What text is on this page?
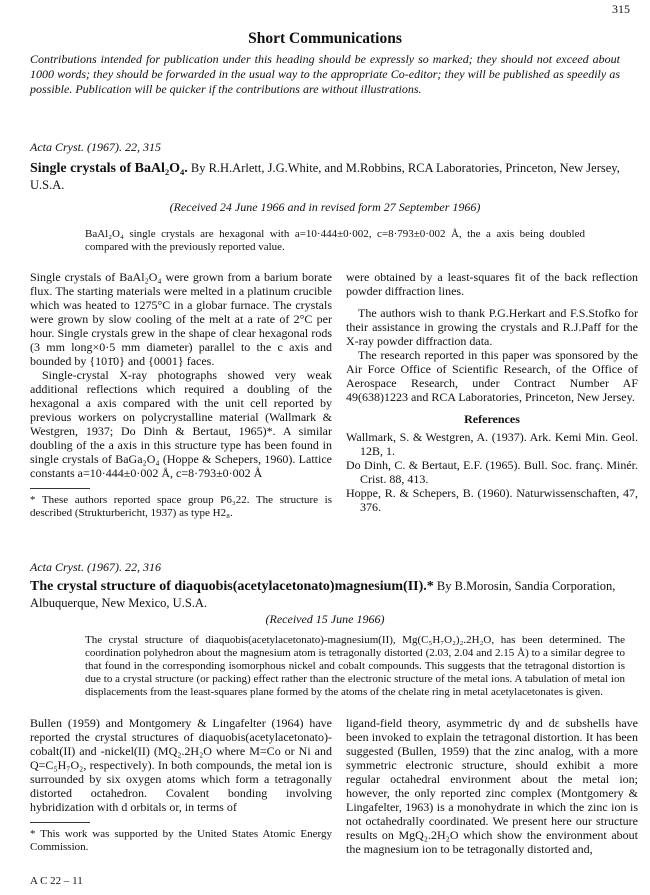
315
Short Communications
Contributions intended for publication under this heading should be expressly so marked; they should not exceed about 1000 words; they should be forwarded in the usual way to the appropriate Co-editor; they will be published as speedily as possible. Publication will be quicker if the contributions are without illustrations.
Acta Cryst. (1967). 22, 315
Single crystals of BaAl₂O₄. By R.H.Arlett, J.G.White, and M.Robbins, RCA Laboratories, Princeton, New Jersey, U.S.A.
(Received 24 June 1966 and in revised form 27 September 1966)
BaAl₂O₄ single crystals are hexagonal with a=10·444±0·002, c=8·793±0·002 Å, the a axis being doubled compared with the previously reported value.

Single crystals of BaAl₂O₄ were grown from a barium borate flux. The starting materials were melted in a platinum crucible which was heated to 1275°C in a globar furnace. The crystals were grown by slow cooling of the melt at a rate of 2°C per hour. Single crystals grew in the shape of clear hexagonal rods (3 mm long×0·5 mm diameter) parallel to the c axis and bounded by {101̄0} and {0001} faces.

Single-crystal X-ray photographs showed very weak additional reflections which required a doubling of the hexagonal a axis compared with the unit cell reported by previous workers on polycrystalline material (Wallmark & Westgren, 1937; Do Dinh & Bertaut, 1965)*. A similar doubling of the a axis in this structure type has been found in single crystals of BaGa₂O₄ (Hoppe & Schepers, 1960). Lattice constants a=10·444±0·002 Å, c=8·793±0·002 Å

* These authors reported space group P6₃22. The structure is described (Strukturbericht, 1937) as type H2₈.

were obtained by a least-squares fit of the back reflection powder diffraction lines.

The authors wish to thank P.G.Herkart and F.S.Stofko for their assistance in growing the crystals and R.J.Paff for the X-ray powder diffraction data.

The research reported in this paper was sponsored by the Air Force Office of Scientific Research, of the Office of Aerospace Research, under Contract Number AF 49(638)1223 and RCA Laboratories, Princeton, New Jersey.

References

Wallmark, S. & Westgren, A. (1937). Ark. Kemi Min. Geol. 12B, 1.

Do Dinh, C. & Bertaut, E.F. (1965). Bull. Soc. franç. Minér. Crist. 88, 413.

Hoppe, R. & Schepers, B. (1960). Naturwissenschaften, 47, 376.

Acta Cryst. (1967). 22, 316
The crystal structure of diaquobis(acetylacetonato)magnesium(II).* By B.Morosin, Sandia Corporation, Albuquerque, New Mexico, U.S.A.
(Received 15 June 1966)
The crystal structure of diaquobis(acetylacetonato)-magnesium(II), Mg(C₅H₇O₂)₂.2H₂O, has been determined. The coordination polyhedron about the magnesium atom is tetragonally distorted (2.03, 2.04 and 2.15 Å) to a similar degree to that found in the corresponding isomorphous nickel and cobalt compounds. This suggests that the tetragonal distortion is due to a crystal structure (or packing) effect rather than the electronic structure of the metal ions. A tabulation of metal ion displacements from the least-squares plane formed by the atoms of the chelate ring in metal acetylacetonates is given.

Bullen (1959) and Montgomery & Lingafelter (1964) have reported the crystal structures of diaquobis(acetylacetonato)-cobalt(II) and -nickel(II) (MQ₂.2H₂O where M=Co or Ni and Q=C₅H₇O₂, respectively). In both compounds, the metal ion is surrounded by six oxygen atoms which form a tetragonally distorted octahedron. Covalent bonding involving hybridization with d orbitals or, in terms of

* This work was supported by the United States Atomic Energy Commission.

ligand-field theory, asymmetric dγ and dε subshells have been invoked to explain the tetragonal distortion. It has been suggested (Bullen, 1959) that the zinc analog, with a more symmetric electronic structure, should exhibit a more regular octahedral environment about the metal ion; however, the only reported zinc complex (Montgomery & Lingafelter, 1963) is a monohydrate in which the zinc ion is not octahedrally coordinated. We present here our structure results on MgQ₂.2H₂O which show the environment about the magnesium ion to be tetragonally distorted and,

A C 22 – 11
